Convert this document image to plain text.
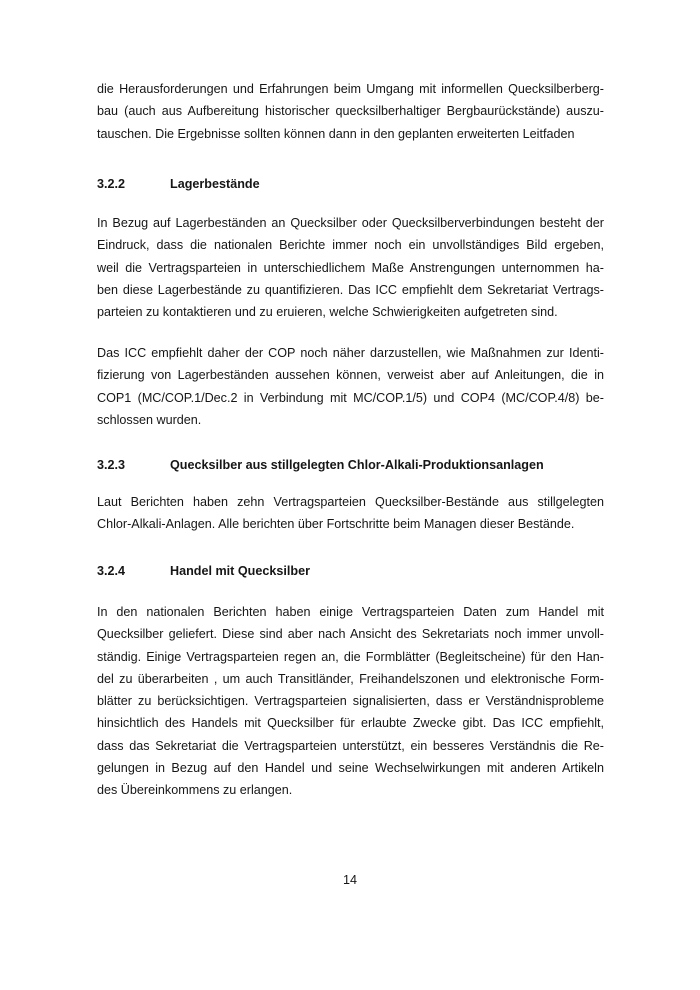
die Herausforderungen und Erfahrungen beim Umgang mit informellen Quecksilberberg-
bau (auch aus Aufbereitung historischer quecksilberhaltiger Bergbaurückstände) auszu-
tauschen. Die Ergebnisse sollten können dann in den geplanten erweiterten Leitfaden
3.2.2	Lagerbestände
In Bezug auf Lagerbeständen an Quecksilber oder Quecksilberverbindungen besteht der
Eindruck, dass die nationalen Berichte immer noch ein unvollständiges Bild ergeben,
weil die Vertragsparteien in unterschiedlichem Maße Anstrengungen unternommen ha-
ben diese Lagerbestände zu quantifizieren. Das ICC empfiehlt dem Sekretariat Vertrags-
parteien zu kontaktieren und zu eruieren, welche Schwierigkeiten aufgetreten sind.
Das ICC empfiehlt daher der COP noch näher darzustellen, wie Maßnahmen zur Identi-
fizierung von Lagerbeständen aussehen können, verweist aber auf Anleitungen, die in
COP1 (MC/COP.1/Dec.2 in Verbindung mit MC/COP.1/5) und COP4 (MC/COP.4/8) be-
schlossen wurden.
3.2.3	Quecksilber aus stillgelegten Chlor-Alkali-Produktionsanlagen
Laut Berichten haben zehn Vertragsparteien Quecksilber-Bestände aus stillgelegten
Chlor-Alkali-Anlagen. Alle berichten über Fortschritte beim Managen dieser Bestände.
3.2.4	Handel mit Quecksilber
In den nationalen Berichten haben einige Vertragsparteien Daten zum Handel mit
Quecksilber geliefert. Diese sind aber nach Ansicht des Sekretariats noch immer unvoll-
ständig. Einige Vertragsparteien regen an, die Formblätter (Begleitscheine) für den Han-
del zu überarbeiten , um auch Transitländer, Freihandelszonen und elektronische Form-
blätter zu berücksichtigen. Vertragsparteien signalisierten, dass er Verständnisprobleme
hinsichtlich des Handels mit Quecksilber für erlaubte Zwecke gibt. Das ICC empfiehlt,
dass das Sekretariat die Vertragsparteien unterstützt, ein besseres Verständnis die Re-
gelungen in Bezug auf den Handel und seine Wechselwirkungen mit anderen Artikeln
des Übereinkommens zu erlangen.
14
